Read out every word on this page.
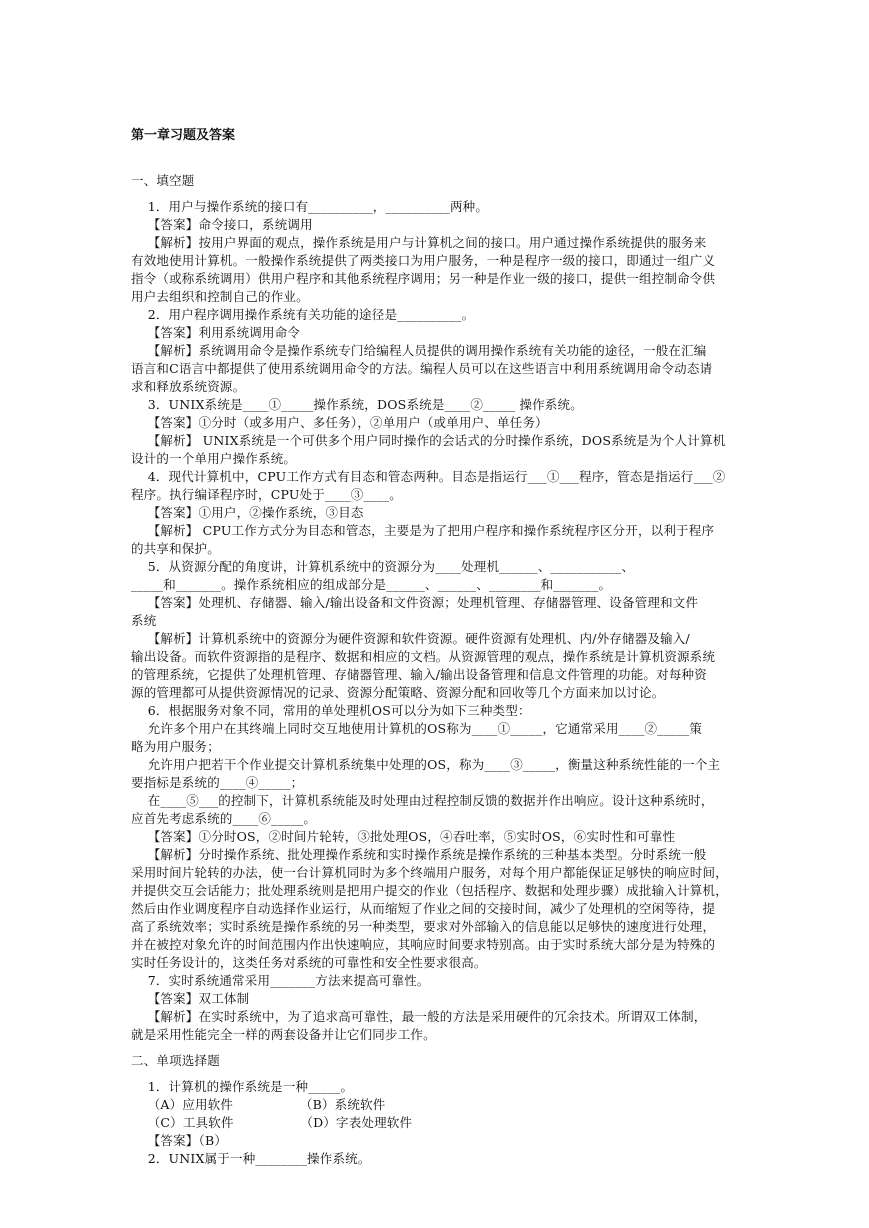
第一章习题及答案
一、填空题
1．用户与操作系统的接口有__________，__________两种。
【答案】命令接口，系统调用
【解析】按用户界面的观点，操作系统是用户与计算机之间的接口。用户通过操作系统提供的服务来
有效地使用计算机。一般操作系统提供了两类接口为用户服务，一种是程序一级的接口，即通过一组广义
指令（或称系统调用）供用户程序和其他系统程序调用；另一种是作业一级的接口，提供一组控制命令供
用户去组织和控制自己的作业。
2．用户程序调用操作系统有关功能的途径是__________。
【答案】利用系统调用命令
【解析】系统调用命令是操作系统专门给编程人员提供的调用操作系统有关功能的途径，一般在汇编
语言和C语言中都提供了使用系统调用命令的方法。编程人员可以在这些语言中利用系统调用命令动态请
求和释放系统资源。
3．UNIX系统是____①_____操作系统，DOS系统是____②_____ 操作系统。
【答案】①分时（或多用户、多任务），②单用户（或单用户、单任务）
【解析】 UNIX系统是一个可供多个用户同时操作的会话式的分时操作系统，DOS系统是为个人计算机
设计的一个单用户操作系统。
4．现代计算机中，CPU工作方式有目态和管态两种。目态是指运行___①___程序，管态是指运行___②
程序。执行编译程序时，CPU处于____③____。
【答案】①用户，②操作系统，③目态
【解析】 CPU工作方式分为目态和管态，主要是为了把用户程序和操作系统程序区分开，以利于程序
的共享和保护。
5．从资源分配的角度讲，计算机系统中的资源分为____处理机______、___________、
_____和_______。操作系统相应的组成部分是______、______、________和_______。
【答案】处理机、存储器、输入/输出设备和文件资源；处理机管理、存储器管理、设备管理和文件
系统
【解析】计算机系统中的资源分为硬件资源和软件资源。硬件资源有处理机、内/外存储器及输入/
输出设备。而软件资源指的是程序、数据和相应的文档。从资源管理的观点，操作系统是计算机资源系统
的管理系统，它提供了处理机管理、存储器管理、输入/输出设备管理和信息文件管理的功能。对每种资
源的管理都可从提供资源情况的记录、资源分配策略、资源分配和回收等几个方面来加以讨论。
6．根据服务对象不同，常用的单处理机OS可以分为如下三种类型：
允许多个用户在其终端上同时交互地使用计算机的OS称为____①_____，它通常采用____②_____策
略为用户服务；
允许用户把若干个作业提交计算机系统集中处理的OS，称为____③_____，衡量这种系统性能的一个主
要指标是系统的____④_____；
在____⑤___的控制下，计算机系统能及时处理由过程控制反馈的数据并作出响应。设计这种系统时，
应首先考虑系统的____⑥_____。
【答案】①分时OS，②时间片轮转，③批处理OS，④吞吐率，⑤实时OS，⑥实时性和可靠性
【解析】分时操作系统、批处理操作系统和实时操作系统是操作系统的三种基本类型。分时系统一般
采用时间片轮转的办法，使一台计算机同时为多个终端用户服务，对每个用户都能保证足够快的响应时间，
并提供交互会话能力；批处理系统则是把用户提交的作业（包括程序、数据和处理步骤）成批输入计算机，
然后由作业调度程序自动选择作业运行，从而缩短了作业之间的交接时间，减少了处理机的空闲等待，提
高了系统效率；实时系统是操作系统的另一种类型，要求对外部输入的信息能以足够快的速度进行处理，
并在被控对象允许的时间范围内作出快速响应，其响应时间要求特别高。由于实时系统大部分是为特殊的
实时任务设计的，这类任务对系统的可靠性和安全性要求很高。
7．实时系统通常采用_______方法来提高可靠性。
【答案】双工体制
【解析】在实时系统中，为了追求高可靠性，最一般的方法是采用硬件的冗余技术。所谓双工体制，
就是采用性能完全一样的两套设备并让它们同步工作。
二、单项选择题
1．计算机的操作系统是一种_____。
（A）应用软件                （B）系统软件
（C）工具软件                （D）字表处理软件
【答案】（B）
2．UNIX属于一种________操作系统。
